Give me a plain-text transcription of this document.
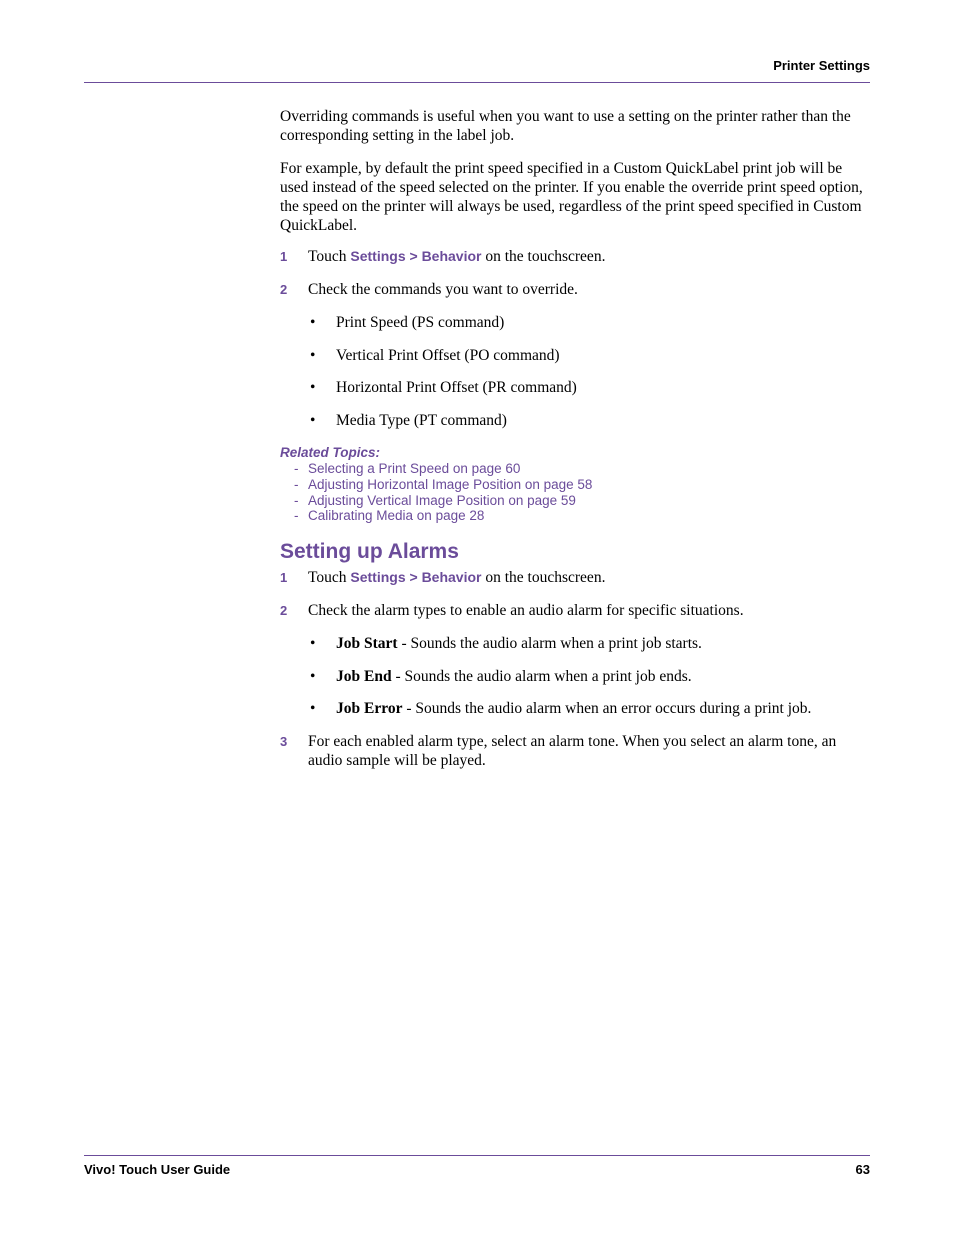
Printer Settings

Overriding commands is useful when you want to use a setting on the printer rather than the corresponding setting in the label job.

For example, by default the print speed specified in a Custom QuickLabel print job will be used instead of the speed selected on the printer. If you enable the override print speed option, the speed on the printer will always be used, regardless of the print speed specified in Custom QuickLabel.

1 Touch Settings > Behavior on the touchscreen.
2 Check the commands you want to override.
• Print Speed (PS command)
• Vertical Print Offset (PO command)
• Horizontal Print Offset (PR command)
• Media Type (PT command)
Related Topics:
- Selecting a Print Speed on page 60
- Adjusting Horizontal Image Position on page 58
- Adjusting Vertical Image Position on page 59
- Calibrating Media on page 28
Setting up Alarms
1 Touch Settings > Behavior on the touchscreen.
2 Check the alarm types to enable an audio alarm for specific situations.
• Job Start - Sounds the audio alarm when a print job starts.
• Job End - Sounds the audio alarm when a print job ends.
• Job Error - Sounds the audio alarm when an error occurs during a print job.
3 For each enabled alarm type, select an alarm tone. When you select an alarm tone, an audio sample will be played.
Vivo! Touch User Guide	63
